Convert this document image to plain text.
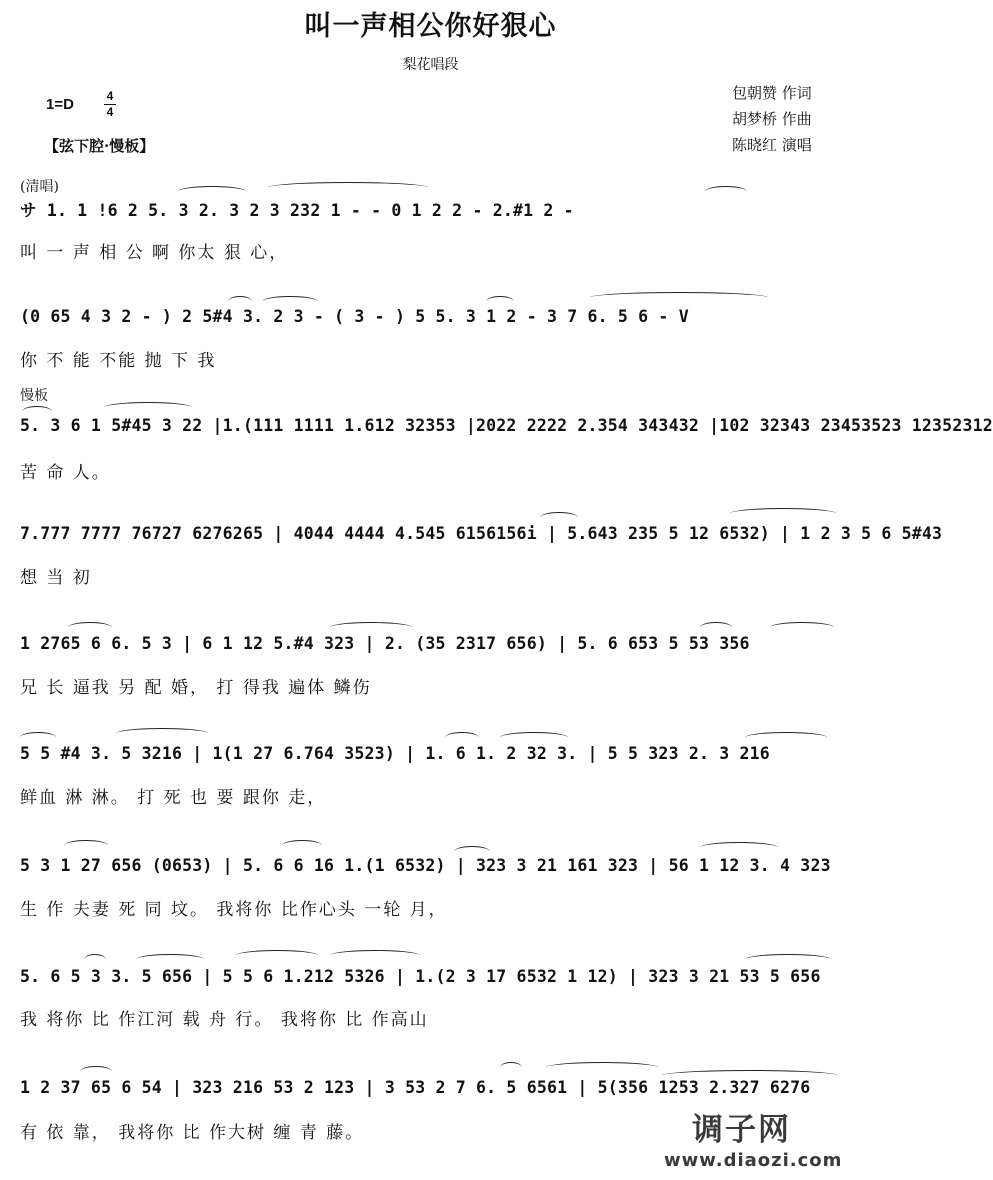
叫一声相公你好狠心
梨花唱段
包朝赞 作词
胡梦桥 作曲
陈晓红 演唱
1=D	4
4
【弦下腔·慢板】
(清唱)
サ 1. 1 !6 2 5. 3 2. 3 2 3 232 1 - - 0 1 2 2 - 2.#1 2 -
叫 一 声 相 公 啊 你太 狠 心，
(0 65 4 3 2 - ) 2 5#4 3. 2 3 - ( 3 - ) 5 5. 3 1 2 - 3 7 6. 5 6 - V
你 不 能 不能 抛 下 我
慢板
5. 3 6 1 5#45 3 22 |1.(111 1111 1.612 32353 |2022 2222 2.354 343432 |102 32343 23453523 12352312
苦 命 人。
7.777 7777 76727 6276265 | 4044 4444 4.545 6156156i | 5.643 235 5 12 6532) | 1 2 3 5 6 5#43
想 当 初
1 2765 6 6. 5 3 | 6 1 12 5.#4 323 | 2. (35 2317 656) | 5. 6 653 5 53 356
兄 长 逼我 另 配 婚， 打 得我 遍体 鳞伤
5 5 #4 3. 5 3216 | 1(1 27 6.764 3523) | 1. 6 1. 2 32 3. | 5 5 323 2. 3 216
鲜血 淋 淋。 打 死 也 要 跟你 走，
5 3 1 27 656 (0653) | 5. 6 6 16 1.(1 6532) | 323 3 21 161 323 | 56 1 12 3. 4 323
生 作 夫妻 死 同 坟。 我将你 比作心头 一轮 月，
5. 6 5 3 3. 5 656 | 5 5 6 1.212 5326 | 1.(2 3 17 6532 1 12) | 323 3 21 53 5 656
我 将你 比 作江河 载 舟 行。 我将你 比 作高山
1 2 37 65 6 54 | 323 216 53 2 123 | 3 53 2 7 6. 5 6561 | 5(356 1253 2.327 6276
有 依 靠， 我将你 比 作大树 缠 青 藤。	调子网
www.diaozi.com
